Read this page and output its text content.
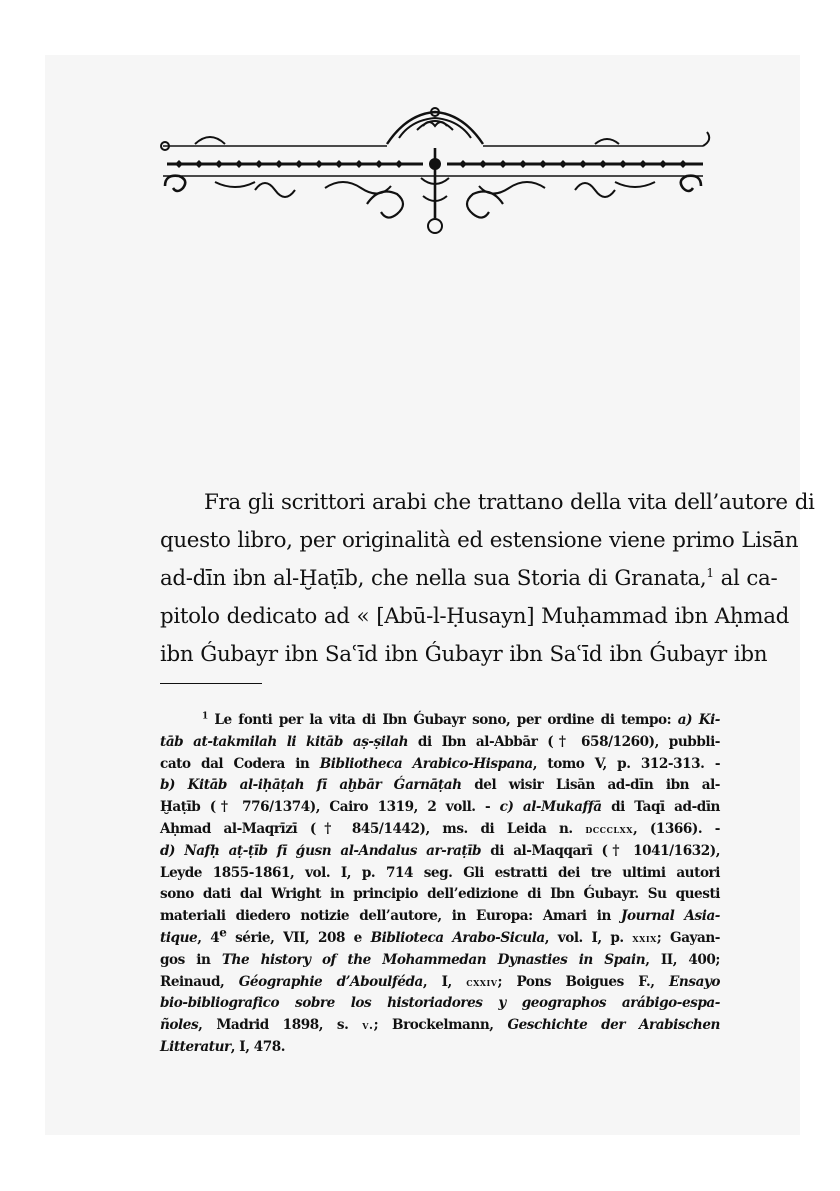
Fra gli scrittori arabi che trattano della vita dell’autore di
questo libro, per originalità ed estensione viene primo Lisān
ad-dīn ibn al-Ḫaṭīb, che nella sua Storia di Granata,$^1$ al ca-
pitolo dedicato ad « [Abū-l-Ḥusayn] Muḥammad ibn Aḥmad
ibn Ǵubayr ibn Saʿīd ibn Ǵubayr ibn Saʿīd ibn Ǵubayr ibn

$^1$ Le fonti per la vita di Ibn Ǵubayr sono, per ordine di tempo: a) Ki-
tāb at-takmilah li kitāb aṣ-ṣilah di Ibn al-Abbār († 658/1260), pubbli-
cato dal Codera in Bibliotheca Arabico-Hispana, tomo V, p. 312-313. -
b) Kitāb al-iḥāṭah fī aḫbār Ǵarnāṭah del wisir Lisān ad-dīn ibn al-
Ḫaṭīb († 776/1374), Cairo 1319, 2 voll. - c) al-Mukaffā di Taqī ad-dīn
Aḥmad al-Maqrīzī († 845/1442), ms. di Leida n. dccclxx, (1366). -
d) Nafḥ aṭ-ṭīb fī ǵusn al-Andalus ar-raṭīb di al-Maqqarī († 1041/1632),
Leyde 1855-1861, vol. I, p. 714 seg. Gli estratti dei tre ultimi autori
sono dati dal Wright in principio dell’edizione di Ibn Ǵubayr. Su questi
materiali diedero notizie dell’autore, in Europa: Amari in Journal Asia-
tique, 4e série, VII, 208 e Biblioteca Arabo-Sicula, vol. I, p. xxix; Gayan-
gos in The history of the Mohammedan Dynasties in Spain, II, 400;
Reinaud, Géographie d’Aboulféda, I, cxxiv; Pons Boigues F., Ensayo
bio-bibliografico sobre los historiadores y geographos arábigo-espa-
ñoles, Madrid 1898, s. v.; Brockelmann, Geschichte der Arabischen
Litteratur, I, 478.
